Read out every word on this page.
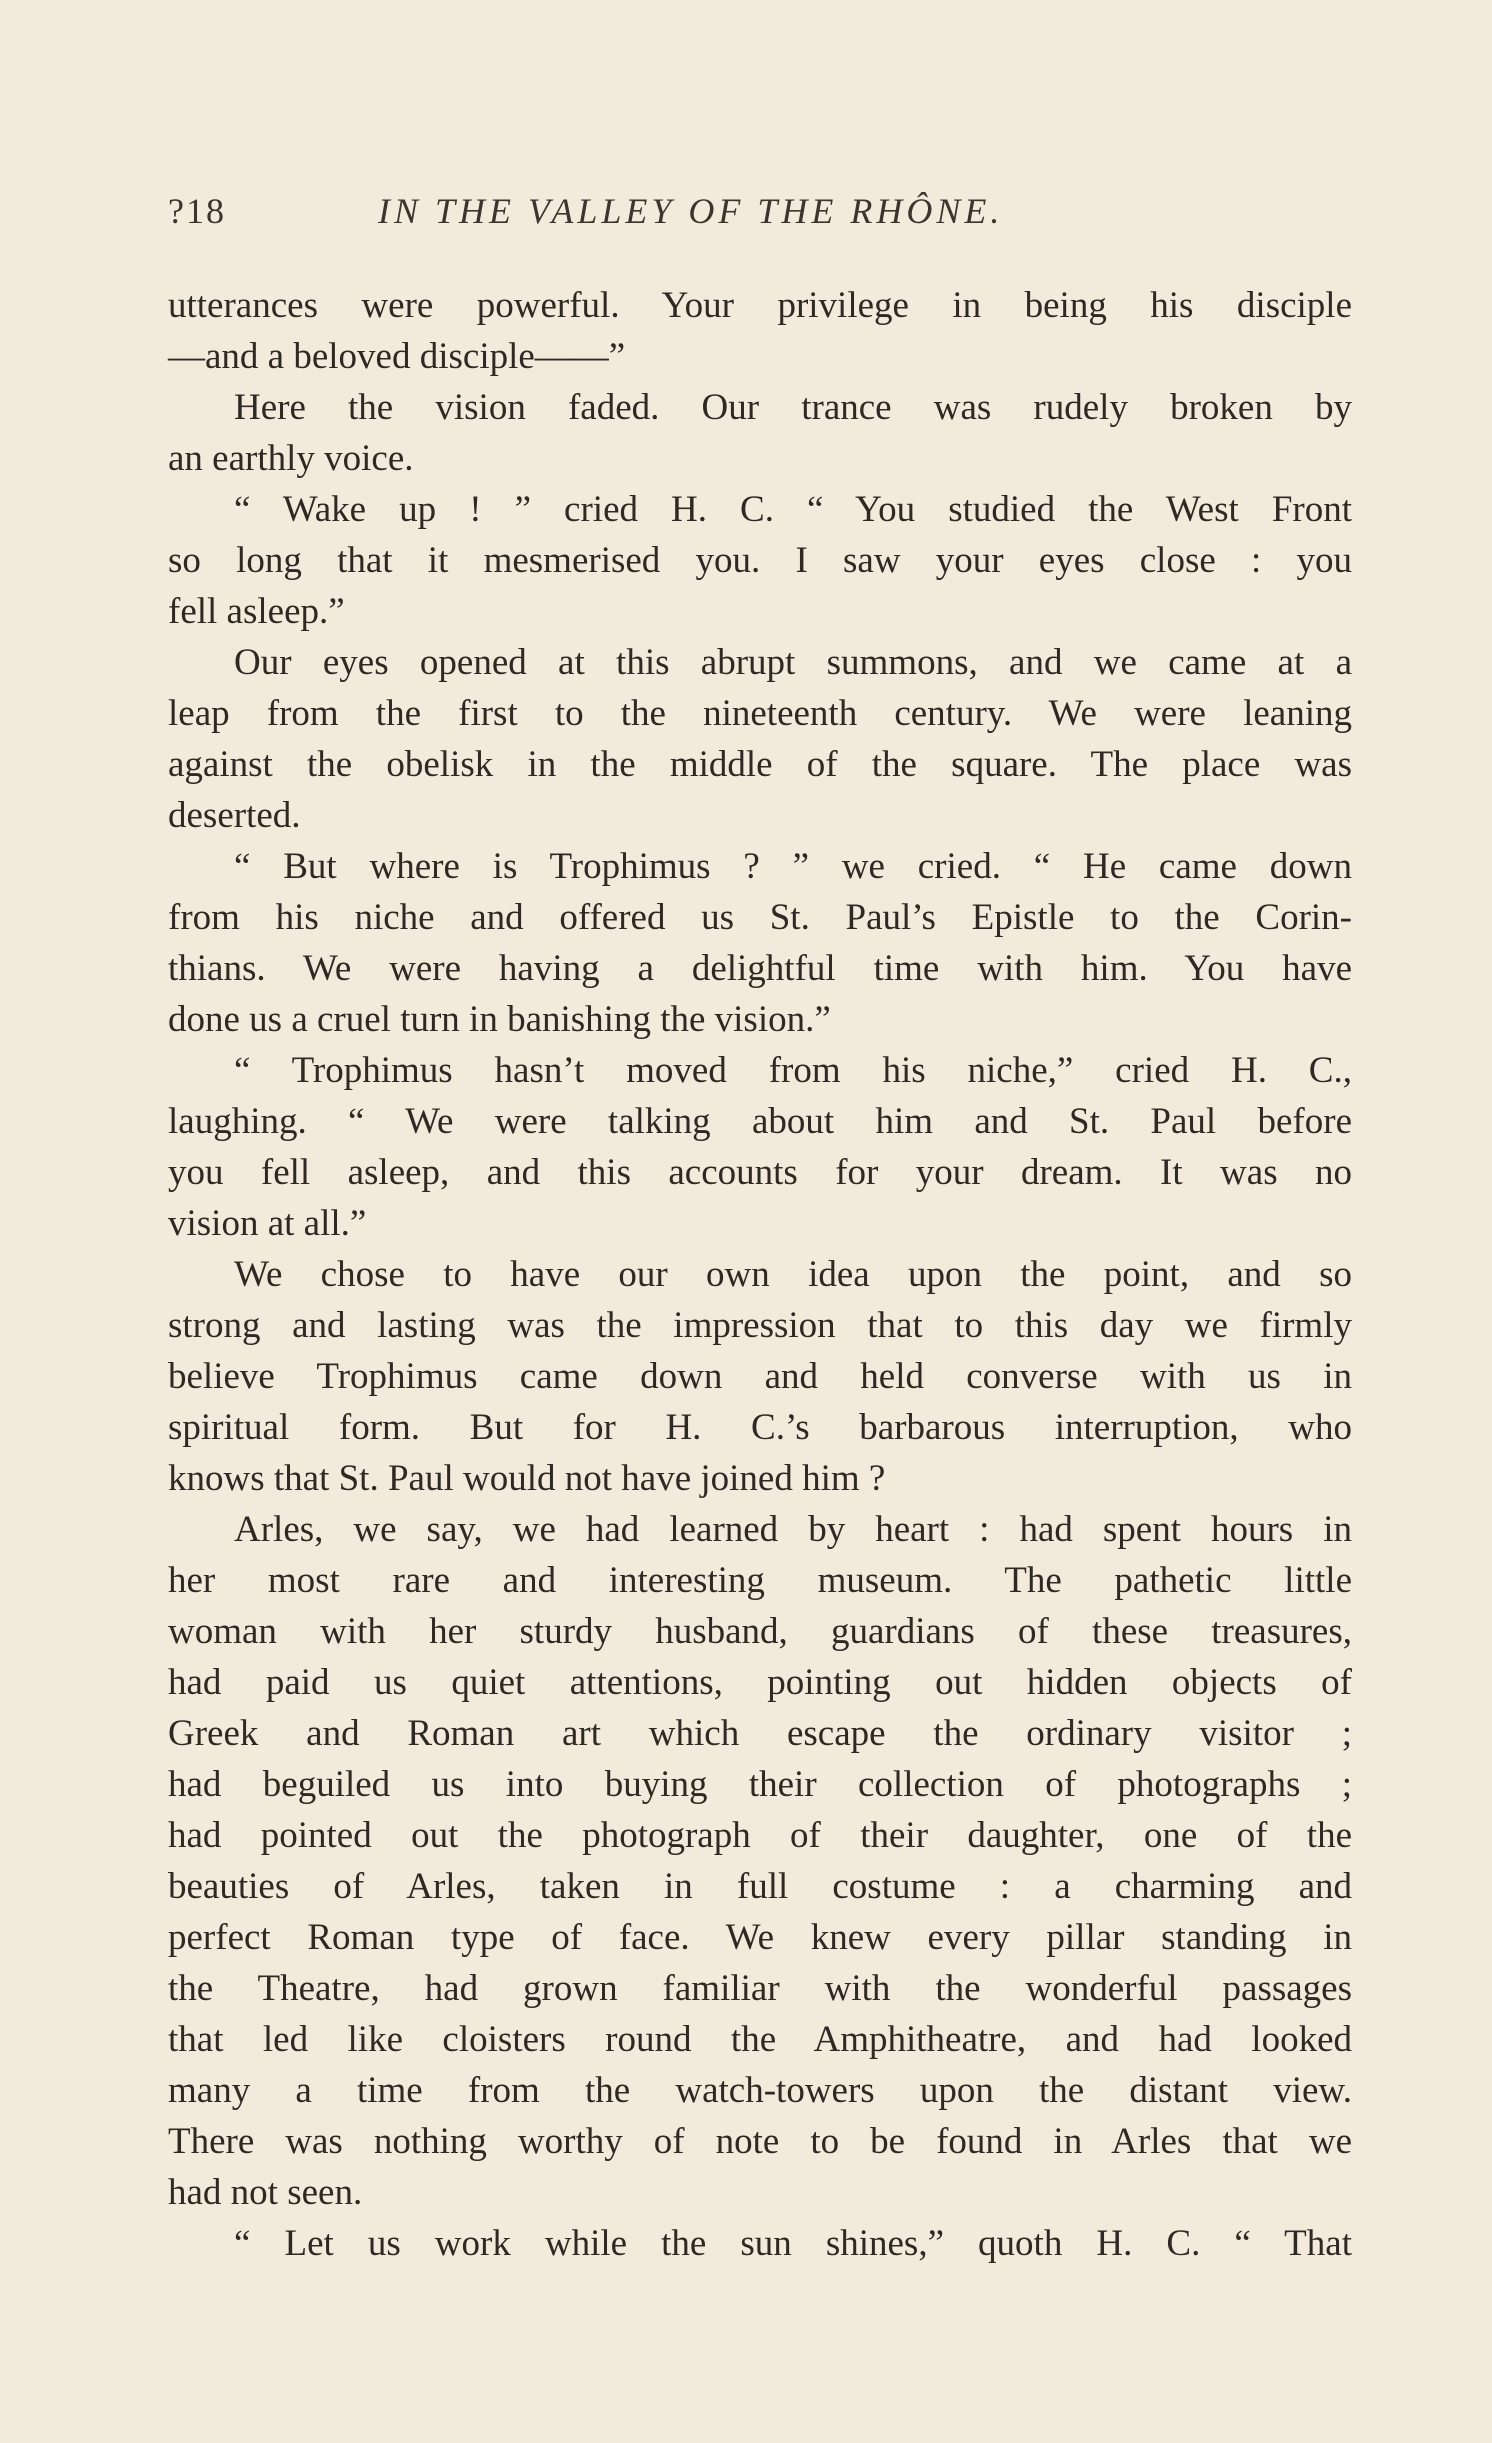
?18	IN THE VALLEY OF THE RHÔNE.

utterances were powerful. Your privilege in being his disciple

—and a beloved disciple——”

Here the vision faded. Our trance was rudely broken by

an earthly voice.

“ Wake up ! ” cried H. C. “ You studied the West Front

so long that it mesmerised you. I saw your eyes close : you

fell asleep.”

Our eyes opened at this abrupt summons, and we came at a

leap from the first to the nineteenth century. We were leaning

against the obelisk in the middle of the square. The place was

deserted.

“ But where is Trophimus ? ” we cried. “ He came down

from his niche and offered us St. Paul’s Epistle to the Corin-

thians. We were having a delightful time with him. You have

done us a cruel turn in banishing the vision.”

“ Trophimus hasn’t moved from his niche,” cried H. C.,

laughing. “ We were talking about him and St. Paul before

you fell asleep, and this accounts for your dream. It was no

vision at all.”

We chose to have our own idea upon the point, and so

strong and lasting was the impression that to this day we firmly

believe Trophimus came down and held converse with us in

spiritual form. But for H. C.’s barbarous interruption, who

knows that St. Paul would not have joined him ?

Arles, we say, we had learned by heart : had spent hours in

her most rare and interesting museum. The pathetic little

woman with her sturdy husband, guardians of these treasures,

had paid us quiet attentions, pointing out hidden objects of

Greek and Roman art which escape the ordinary visitor ;

had beguiled us into buying their collection of photographs ;

had pointed out the photograph of their daughter, one of the

beauties of Arles, taken in full costume : a charming and

perfect Roman type of face. We knew every pillar standing in

the Theatre, had grown familiar with the wonderful passages

that led like cloisters round the Amphitheatre, and had looked

many a time from the watch-towers upon the distant view.

There was nothing worthy of note to be found in Arles that we

had not seen.

“ Let us work while the sun shines,” quoth H. C. “ That
